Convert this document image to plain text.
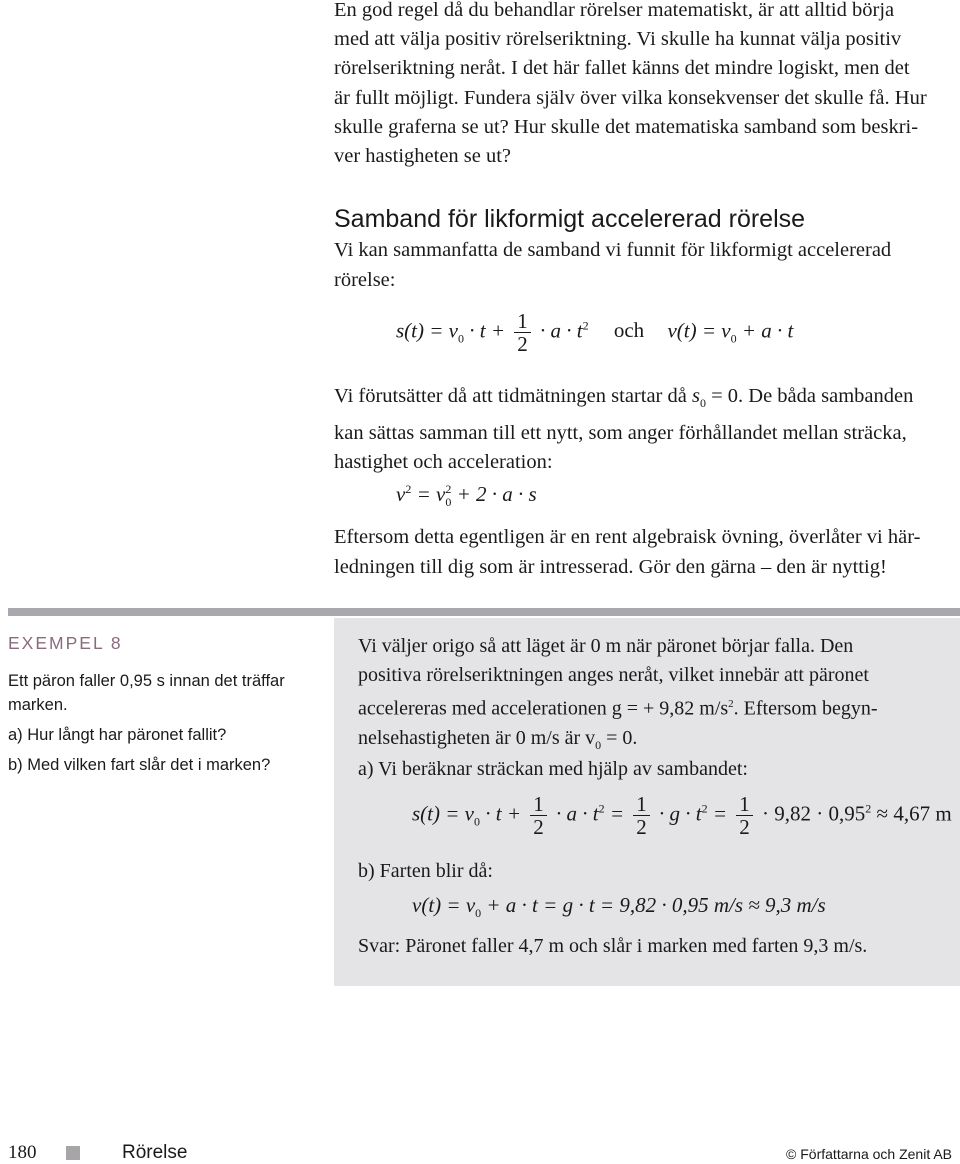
En god regel då du behandlar rörelser matematiskt, är att alltid börja
med att välja positiv rörelseriktning. Vi skulle ha kunnat välja positiv
rörelseriktning neråt. I det här fallet känns det mindre logiskt, men det
är fullt möjligt. Fundera själv över vilka konsekvenser det skulle få. Hur
skulle graferna se ut? Hur skulle det matematiska samband som beskri-
ver hastigheten se ut?
Samband för likformigt accelererad rörelse
Vi kan sammanfatta de samband vi funnit för likformigt accelererad
rörelse:
$s(t) = v_0 \cdot t + \frac{1}{2} \cdot a \cdot t^2$ och $v(t) = v_0 + a \cdot t$
Vi förutsätter då att tidmätningen startar då $s_0 = 0$. De båda sambanden
kan sättas samman till ett nytt, som anger förhållandet mellan sträcka,
hastighet och acceleration:
$v^2 = v_0^2 + 2 \cdot a \cdot s$
Eftersom detta egentligen är en rent algebraisk övning, överlåter vi här-
ledningen till dig som är intresserad. Gör den gärna – den är nyttig!
EXEMPEL 8
Ett päron faller 0,95 s innan det träffar
marken.
a) Hur långt har päronet fallit?
b) Med vilken fart slår det i marken?
Vi väljer origo så att läget är 0 m när päronet börjar falla. Den
positiva rörelseriktningen anges neråt, vilket innebär att päronet
accelereras med accelerationen g = + 9,82 $m/s^2$. Eftersom begyn-
nelsehastigheten är 0 m/s är $v_0 = 0$.
a) Vi beräknar sträckan med hjälp av sambandet:
$s(t) = v_0 \cdot t + \frac{1}{2} \cdot a \cdot t^2 = \frac{1}{2} \cdot g \cdot t^2 = \frac{1}{2} \cdot 9,82 \cdot 0,95^2 \approx 4,67$ m
b) Farten blir då:
$v(t) = v_0 + a \cdot t = g \cdot t = 9,82 \cdot 0,95$ m/s ≈ 9,3 m/s
Svar: Päronet faller 4,7 m och slår i marken med farten 9,3 m/s.
180	Rörelse	© Författarna och Zenit AB
